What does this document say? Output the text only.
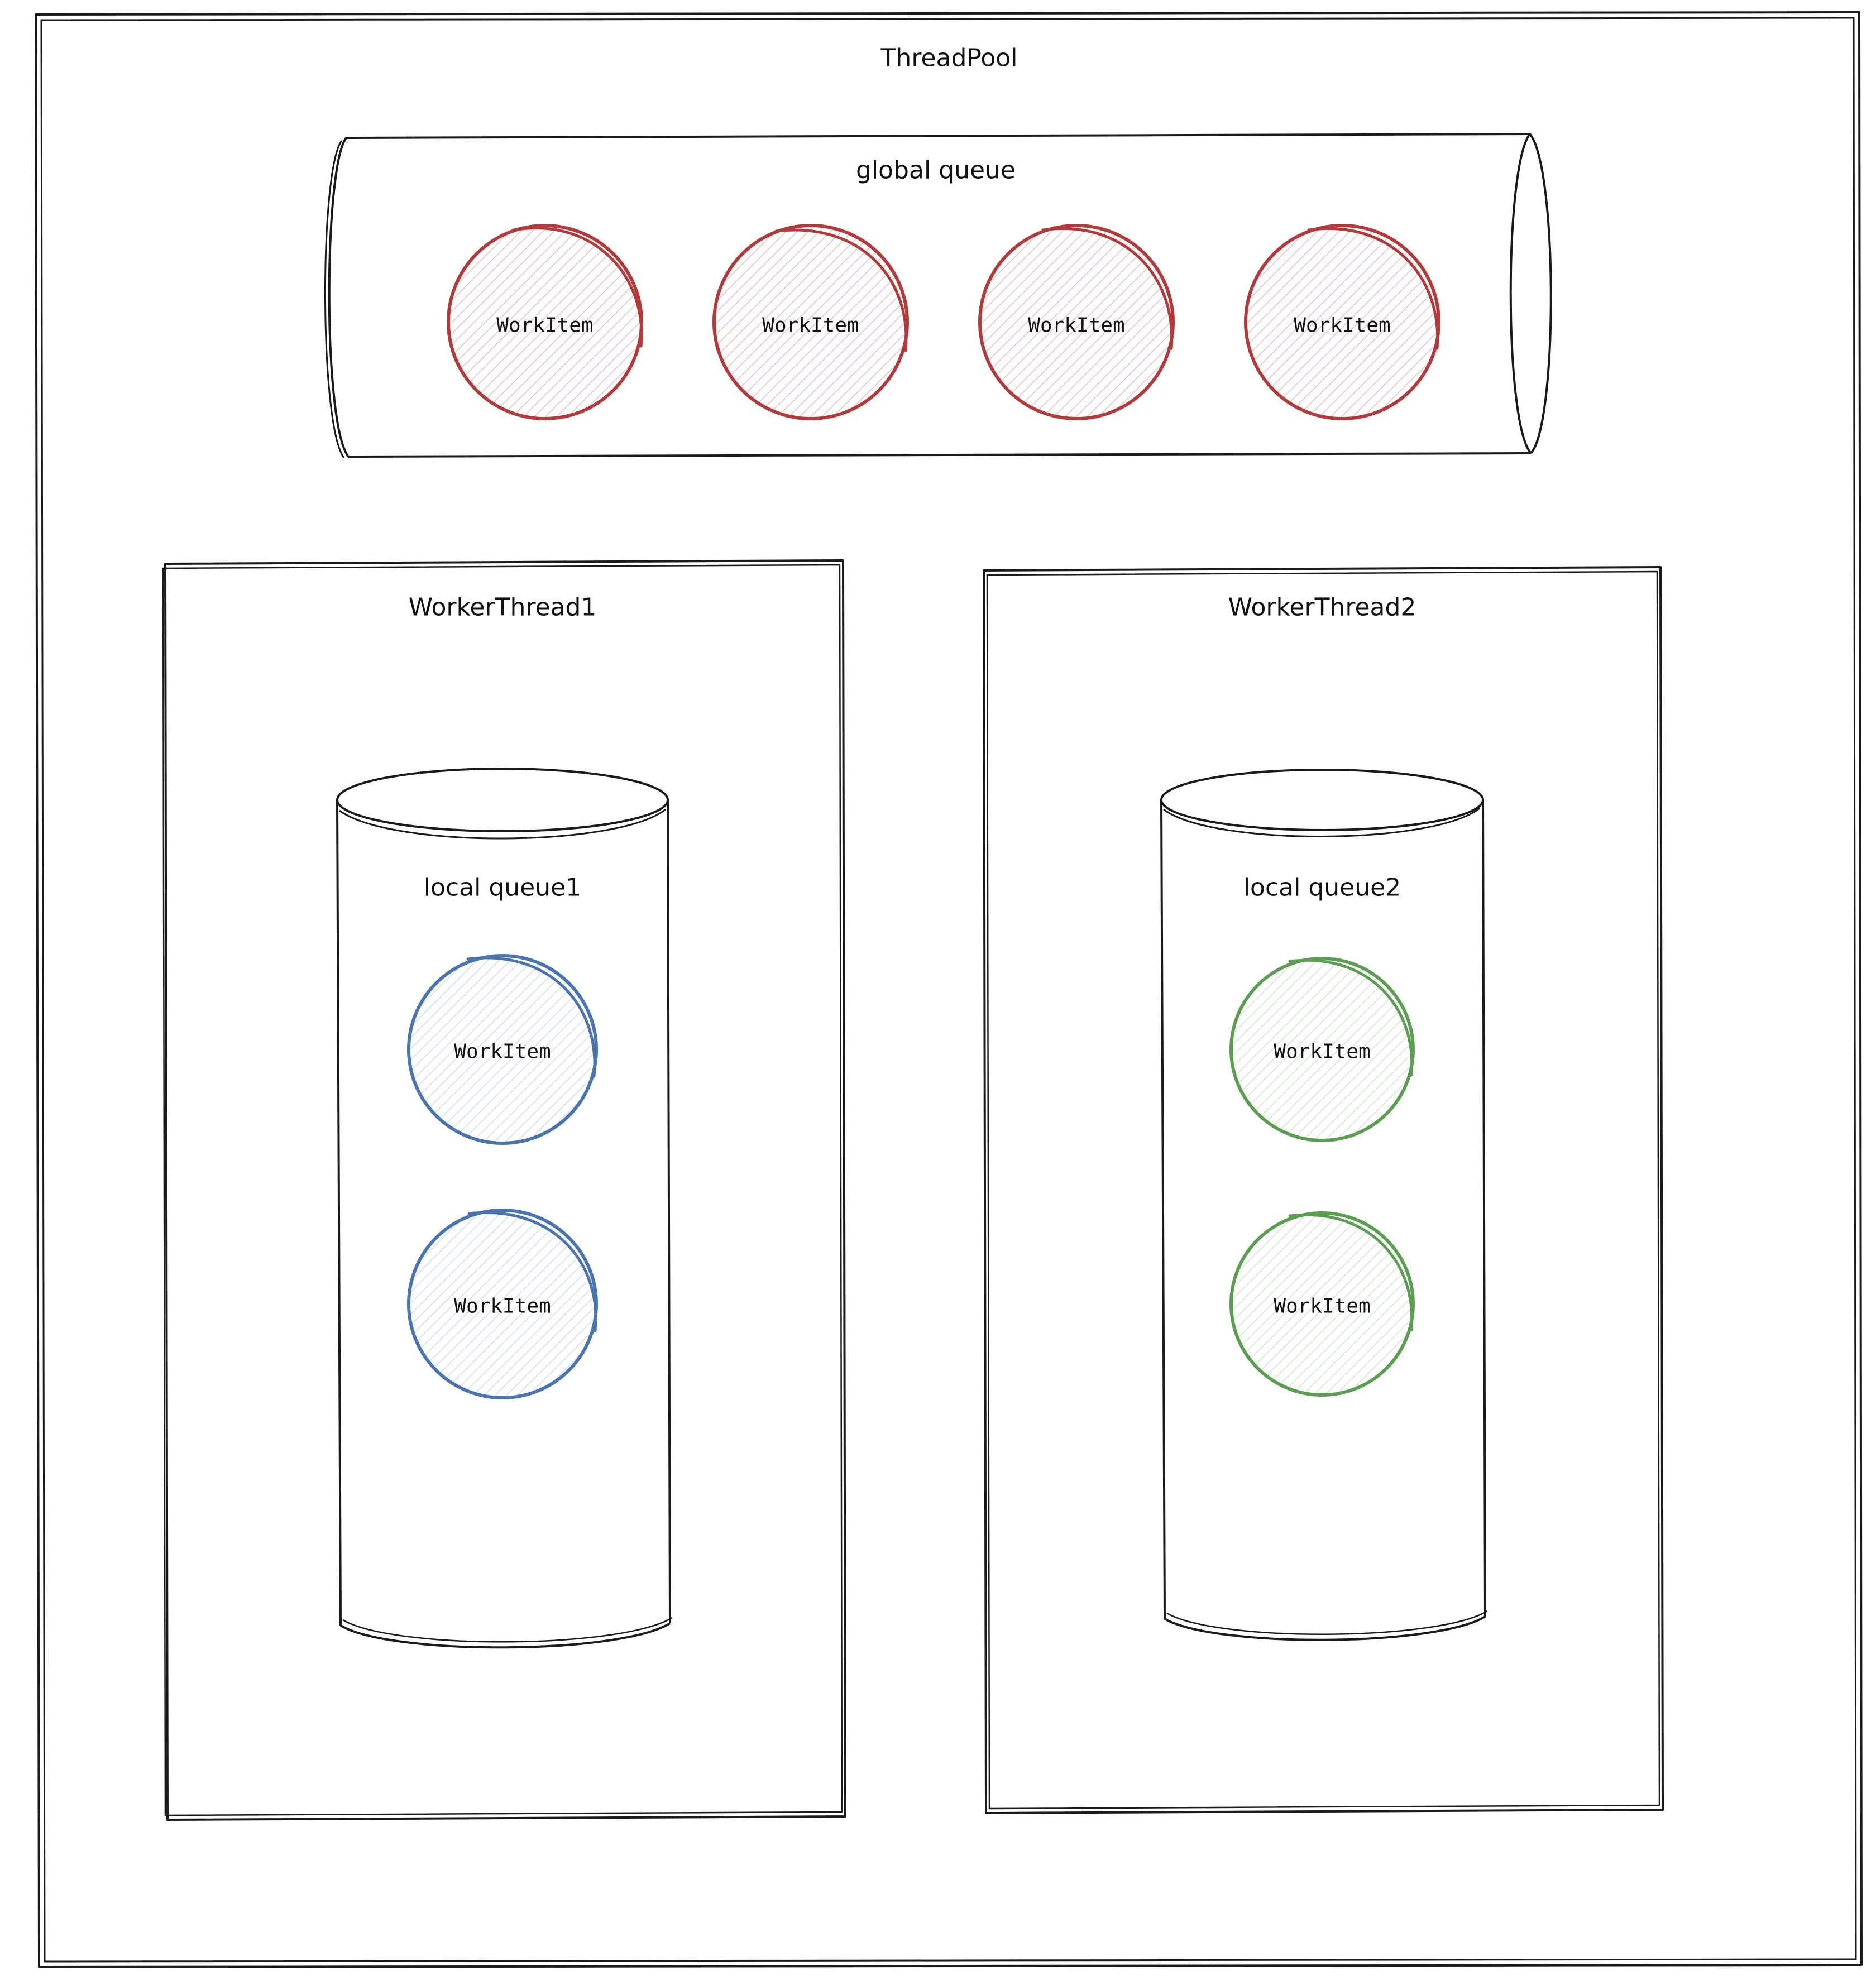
ThreadPool
global queue
WorkItem	WorkItem	WorkItem	WorkItem
WorkerThread1
local queue1
WorkItem
WorkItem
WorkerThread2
local queue2
WorkItem
WorkItem
